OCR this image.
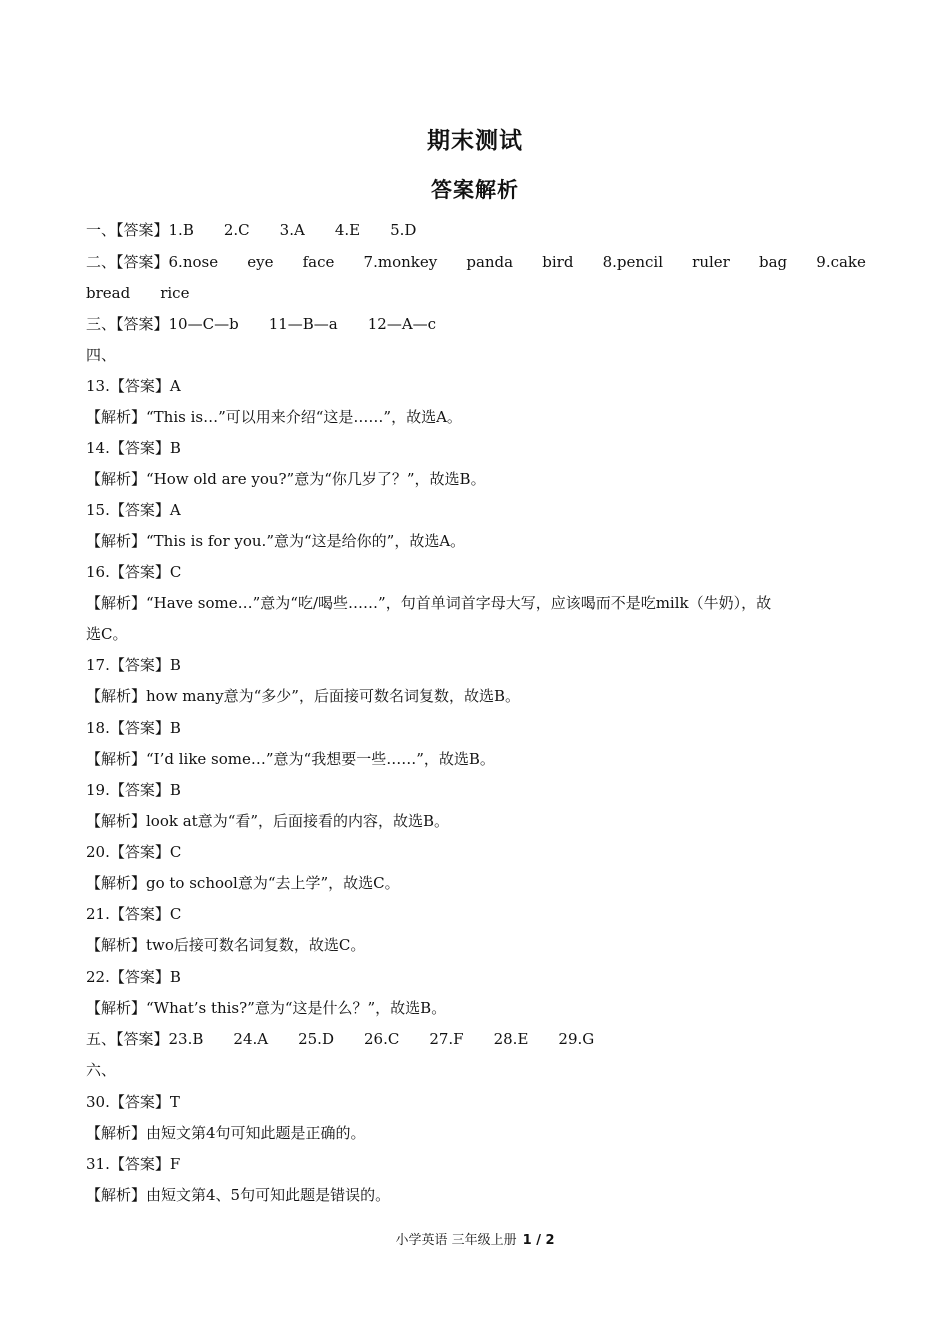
期末测试
答案解析
一、【答案】1.B 2.C 3.A 4.E 5.D
二、【答案】6.nose eye face 7.monkey panda bird 8.pencil ruler bag 9.cake
bread rice
三、【答案】10—C—b 11—B—a 12—A—c
四、
13.【答案】A
【解析】“This is…”可以用来介绍“这是……”，故选A。
14.【答案】B
【解析】“How old are you?”意为“你几岁了？”，故选B。
15.【答案】A
【解析】“This is for you.”意为“这是给你的”，故选A。
16.【答案】C
【解析】“Have some…”意为“吃/喝些……”，句首单词首字母大写，应该喝而不是吃milk（牛奶），故
选C。
17.【答案】B
【解析】how many意为“多少”，后面接可数名词复数，故选B。
18.【答案】B
【解析】“I’d like some…”意为“我想要一些……”，故选B。
19.【答案】B
【解析】look at意为“看”，后面接看的内容，故选B。
20.【答案】C
【解析】go to school意为“去上学”，故选C。
21.【答案】C
【解析】two后接可数名词复数，故选C。
22.【答案】B
【解析】“What’s this?”意为“这是什么？”，故选B。
五、【答案】23.B 24.A 25.D 26.C 27.F 28.E 29.G
六、
30.【答案】T
【解析】由短文第4句可知此题是正确的。
31.【答案】F
【解析】由短文第4、5句可知此题是错误的。
小学英语 三年级上册 1 / 2
